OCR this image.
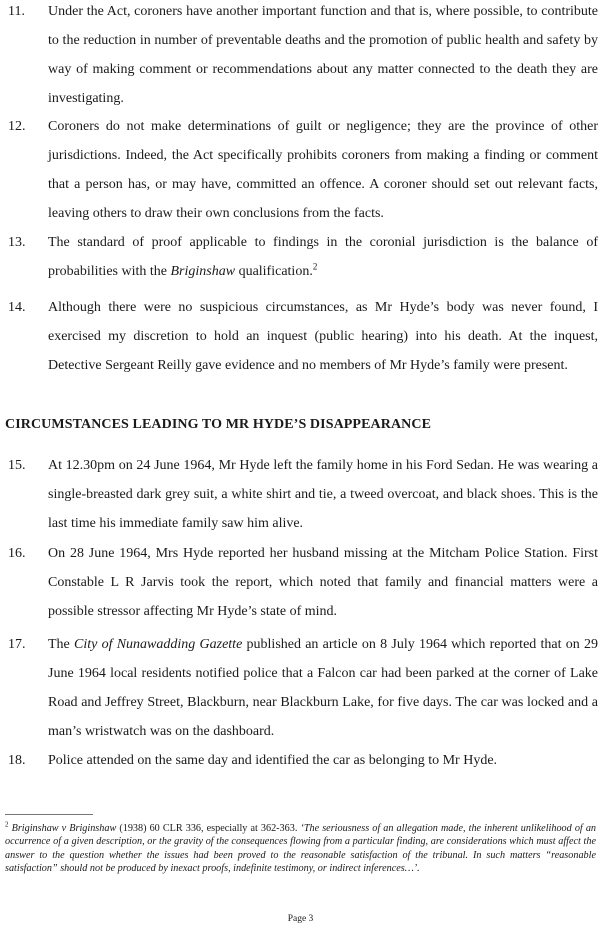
11. Under the Act, coroners have another important function and that is, where possible, to contribute to the reduction in number of preventable deaths and the promotion of public health and safety by way of making comment or recommendations about any matter connected to the death they are investigating.

12. Coroners do not make determinations of guilt or negligence; they are the province of other jurisdictions. Indeed, the Act specifically prohibits coroners from making a finding or comment that a person has, or may have, committed an offence. A coroner should set out relevant facts, leaving others to draw their own conclusions from the facts.

13. The standard of proof applicable to findings in the coronial jurisdiction is the balance of probabilities with the Briginshaw qualification.$^2$

14. Although there were no suspicious circumstances, as Mr Hyde’s body was never found, I exercised my discretion to hold an inquest (public hearing) into his death. At the inquest, Detective Sergeant Reilly gave evidence and no members of Mr Hyde’s family were present.

CIRCUMSTANCES LEADING TO MR HYDE’S DISAPPEARANCE
15. At 12.30pm on 24 June 1964, Mr Hyde left the family home in his Ford Sedan. He was wearing a single-breasted dark grey suit, a white shirt and tie, a tweed overcoat, and black shoes. This is the last time his immediate family saw him alive.

16. On 28 June 1964, Mrs Hyde reported her husband missing at the Mitcham Police Station. First Constable L R Jarvis took the report, which noted that family and financial matters were a possible stressor affecting Mr Hyde’s state of mind.

17. The City of Nunawadding Gazette published an article on 8 July 1964 which reported that on 29 June 1964 local residents notified police that a Falcon car had been parked at the corner of Lake Road and Jeffrey Street, Blackburn, near Blackburn Lake, for five days. The car was locked and a man’s wristwatch was on the dashboard.

18. Police attended on the same day and identified the car as belonging to Mr Hyde.

$^2$ Briginshaw v Briginshaw (1938) 60 CLR 336, especially at 362-363. ‘The seriousness of an allegation made, the inherent unlikelihood of an occurrence of a given description, or the gravity of the consequences flowing from a particular finding, are considerations which must affect the answer to the question whether the issues had been proved to the reasonable satisfaction of the tribunal. In such matters “reasonable satisfaction” should not be produced by inexact proofs, indefinite testimony, or indirect inferences…’.

Page 3
